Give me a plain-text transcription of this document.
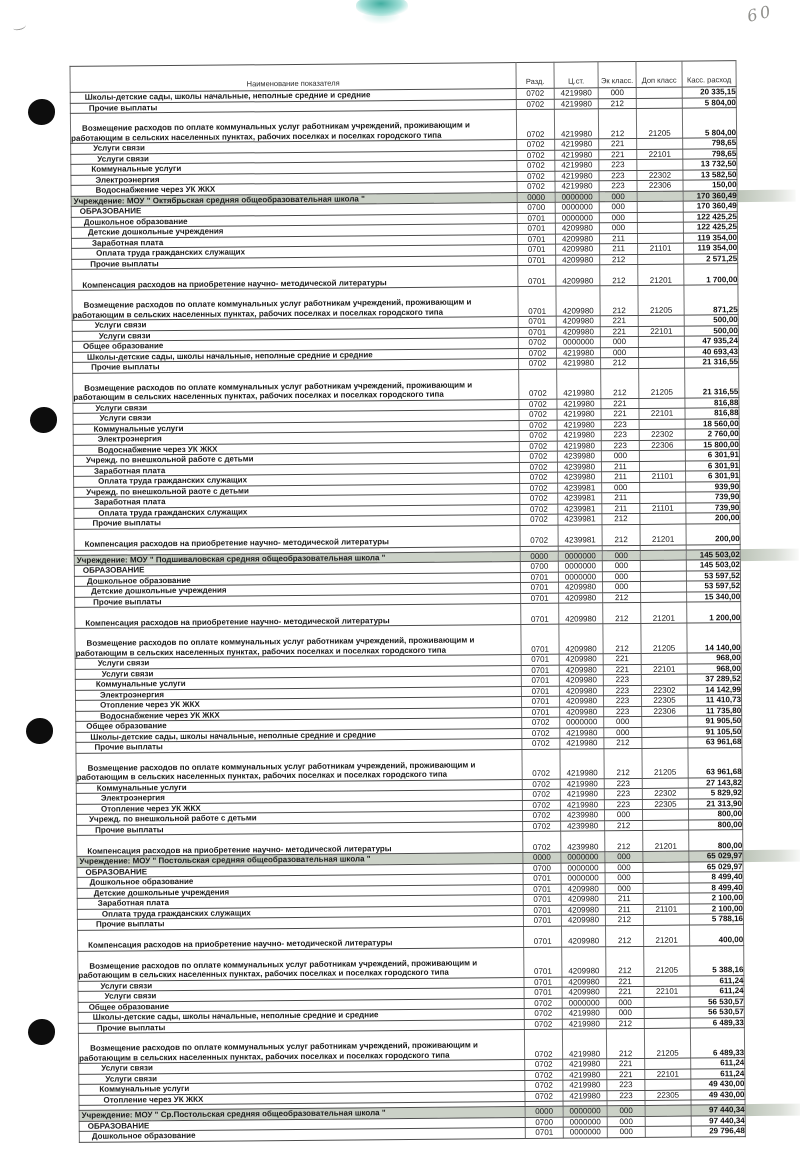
60
Наименование показателя	Разд.	Ц.ст.	Эк класс.	Доп класс	Касс. расход

Школы-детские сады, школы начальные, неполные средние и средние	0702	4219980	000		20 335,15

Прочие выплаты	0702	4219980	212		5 804,00

Возмещение расходов по оплате коммунальных услуг работникам учреждений, проживающим и
работающим в сельских населенных пунктах, рабочих поселках и поселках городского типа	0702	4219980	212	21205	5 804,00

Услуги связи	0702	4219980	221		798,65

Услуги связи	0702	4219980	221	22101	798,65

Коммунальные услуги	0702	4219980	223		13 732,50

Электроэнергия	0702	4219980	223	22302	13 582,50

Водоснабжение через УК ЖКХ	0702	4219980	223	22306	150,00

Учреждение: МОУ " Октябрьская средняя общеобразовательная школа "	0000	0000000	000		170 360,49

ОБРАЗОВАНИЕ	0700	0000000	000		170 360,49

Дошкольное образование	0701	0000000	000		122 425,25

Детские дошкольные учреждения	0701	4209980	000		122 425,25

Заработная плата	0701	4209980	211		119 354,00

Оплата труда гражданских служащих	0701	4209980	211	21101	119 354,00

Прочие выплаты	0701	4209980	212		2 571,25

Компенсация расходов на приобретение научно- методической литературы	0701	4209980	212	21201	1 700,00

Возмещение расходов по оплате коммунальных услуг работникам учреждений, проживающим и
работающим в сельских населенных пунктах, рабочих поселках и поселках городского типа	0701	4209980	212	21205	871,25

Услуги связи	0701	4209980	221		500,00

Услуги связи	0701	4209980	221	22101	500,00

Общее образование	0702	0000000	000		47 935,24

Школы-детские сады, школы начальные, неполные средние и средние	0702	4219980	000		40 693,43

Прочие выплаты	0702	4219980	212		21 316,55

Возмещение расходов по оплате коммунальных услуг работникам учреждений, проживающим и
работающим в сельских населенных пунктах, рабочих поселках и поселках городского типа	0702	4219980	212	21205	21 316,55

Услуги связи	0702	4219980	221		816,88

Услуги связи	0702	4219980	221	22101	816,88

Коммунальные услуги	0702	4219980	223		18 560,00

Электроэнергия	0702	4219980	223	22302	2 760,00

Водоснабжение через УК ЖКХ	0702	4219980	223	22306	15 800,00

Учрежд. по внешкольной работе с детьми	0702	4239980	000		6 301,91

Заработная плата	0702	4239980	211		6 301,91

Оплата труда гражданских служащих	0702	4239980	211	21101	6 301,91

Учрежд. по внешкольной раоте с детьми	0702	4239981	000		939,90

Заработная плата	0702	4239981	211		739,90

Оплата труда гражданских служащих	0702	4239981	211	21101	739,90

Прочие выплаты	0702	4239981	212		200,00

Компенсация расходов на приобретение научно- методической литературы	0702	4239981	212	21201	200,00

Учреждение: МОУ " Подшиваловская средняя общеобразовательная школа "	0000	0000000	000		145 503,02

ОБРАЗОВАНИЕ	0700	0000000	000		145 503,02

Дошкольное образование	0701	0000000	000		53 597,52

Детские дошкольные учреждения	0701	4209980	000		53 597,52

Прочие выплаты	0701	4209980	212		15 340,00

Компенсация расходов на приобретение научно- методической литературы	0701	4209980	212	21201	1 200,00

Возмещение расходов по оплате коммунальных услуг работникам учреждений, проживающим и
работающим в сельских населенных пунктах, рабочих поселках и поселках городского типа	0701	4209980	212	21205	14 140,00

Услуги связи	0701	4209980	221		968,00

Услуги связи	0701	4209980	221	22101	968,00

Коммунальные услуги	0701	4209980	223		37 289,52

Электроэнергия	0701	4209980	223	22302	14 142,99

Отопление через УК ЖКХ	0701	4209980	223	22305	11 410,73

Водоснабжение через УК ЖКХ	0701	4209980	223	22306	11 735,80

Общее образование	0702	0000000	000		91 905,50

Школы-детские сады, школы начальные, неполные средние и средние	0702	4219980	000		91 105,50

Прочие выплаты	0702	4219980	212		63 961,68

Возмещение расходов по оплате коммунальных услуг работникам учреждений, проживающим и
работающим в сельских населенных пунктах, рабочих поселках и поселках городского типа	0702	4219980	212	21205	63 961,68

Коммунальные услуги	0702	4219980	223		27 143,82

Электроэнергия	0702	4219980	223	22302	5 829,92

Отопление через УК ЖКХ	0702	4219980	223	22305	21 313,90

Учрежд. по внешкольной работе с детьми	0702	4239980	000		800,00

Прочие выплаты	0702	4239980	212		800,00

Компенсация расходов на приобретение научно- методической литературы	0702	4239980	212	21201	800,00

Учреждение: МОУ " Постольская средняя общеобразовательная школа "	0000	0000000	000		65 029,97

ОБРАЗОВАНИЕ	0700	0000000	000		65 029,97

Дошкольное образование	0701	0000000	000		8 499,40

Детские дошкольные учреждения	0701	4209980	000		8 499,40

Заработная плата	0701	4209980	211		2 100,00

Оплата труда гражданских служащих	0701	4209980	211	21101	2 100,00

Прочие выплаты	0701	4209980	212		5 788,16

Компенсация расходов на приобретение научно- методической литературы	0701	4209980	212	21201	400,00

Возмещение расходов по оплате коммунальных услуг работникам учреждений, проживающим и
работающим в сельских населенных пунктах, рабочих поселках и поселках городского типа	0701	4209980	212	21205	5 388,16

Услуги связи	0701	4209980	221		611,24

Услуги связи	0701	4209980	221	22101	611,24

Общее образование	0702	0000000	000		56 530,57

Школы-детские сады, школы начальные, неполные средние и средние	0702	4219980	000		56 530,57

Прочие выплаты	0702	4219980	212		6 489,33

Возмещение расходов по оплате коммунальных услуг работникам учреждений, проживающим и
работающим в сельских населенных пунктах, рабочих поселках и поселках городского типа	0702	4219980	212	21205	6 489,33

Услуги связи	0702	4219980	221		611,24

Услуги связи	0702	4219980	221	22101	611,24

Коммунальные услуги	0702	4219980	223		49 430,00

Отопление через УК ЖКХ	0702	4219980	223	22305	49 430,00

Учреждение: МОУ " Ср.Постольская средняя общеобразовательная школа "	0000	0000000	000		97 440,34

ОБРАЗОВАНИЕ	0700	0000000	000		97 440,34

Дошкольное образование	0701	0000000	000		29 796,48
